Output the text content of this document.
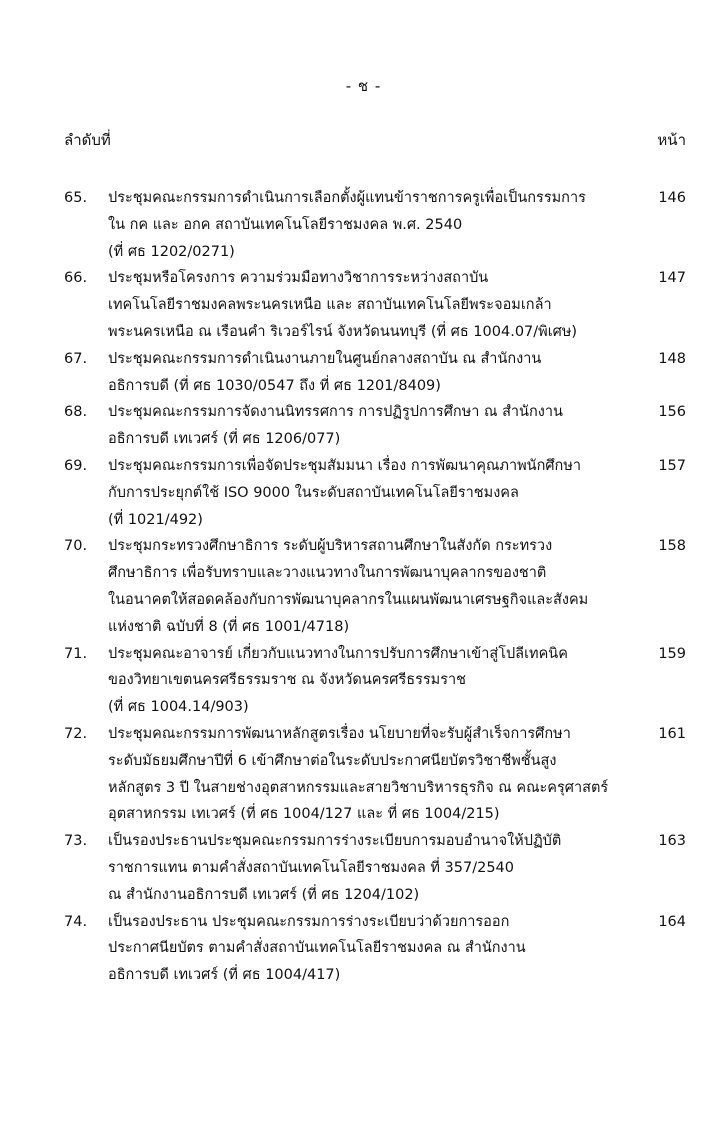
- ช -
ลำดับที่	หน้า
65. ประชุมคณะกรรมการดำเนินการเลือกตั้งผู้แทนข้าราชการครูเพื่อเป็นกรรมการ
ใน กค และ อกค สถาบันเทคโนโลยีราชมงคล พ.ศ. 2540
(ที่ ศธ 1202/0271)
146
66. ประชุมหรือโครงการ ความร่วมมือทางวิชาการระหว่างสถาบัน
เทคโนโลยีราชมงคลพระนครเหนือ และ สถาบันเทคโนโลยีพระจอมเกล้า
พระนครเหนือ ณ เรือนคำ ริเวอร์ไรน์ จังหวัดนนทบุรี (ที่ ศธ 1004.07/พิเศษ)
147
67. ประชุมคณะกรรมการดำเนินงานภายในศูนย์กลางสถาบัน ณ สำนักงาน
อธิการบดี (ที่ ศธ 1030/0547 ถึง ที่ ศธ 1201/8409)
148
68. ประชุมคณะกรรมการจัดงานนิทรรศการ การปฏิรูปการศึกษา ณ สำนักงาน
อธิการบดี เทเวศร์ (ที่ ศธ 1206/077)
156
69. ประชุมคณะกรรมการเพื่อจัดประชุมสัมมนา เรื่อง การพัฒนาคุณภาพนักศึกษา
กับการประยุกต์ใช้ ISO 9000 ในระดับสถาบันเทคโนโลยีราชมงคล
(ที่ 1021/492)
157
70. ประชุมกระทรวงศึกษาธิการ ระดับผู้บริหารสถานศึกษาในสังกัด กระทรวง
ศึกษาธิการ เพื่อรับทราบและวางแนวทางในการพัฒนาบุคลากรของชาติ
ในอนาคตให้สอดคล้องกับการพัฒนาบุคลากรในแผนพัฒนาเศรษฐกิจและสังคม
แห่งชาติ ฉบับที่ 8 (ที่ ศธ 1001/4718)
158
71. ประชุมคณะอาจารย์ เกี่ยวกับแนวทางในการปรับการศึกษาเข้าสู่โปลีเทคนิค
ของวิทยาเขตนครศรีธรรมราช ณ จังหวัดนครศรีธรรมราช
(ที่ ศธ 1004.14/903)
159
72. ประชุมคณะกรรมการพัฒนาหลักสูตรเรื่อง นโยบายที่จะรับผู้สำเร็จการศึกษา
ระดับมัธยมศึกษาปีที่ 6 เข้าศึกษาต่อในระดับประกาศนียบัตรวิชาชีพชั้นสูง
หลักสูตร 3 ปี ในสายช่างอุตสาหกรรมและสายวิชาบริหารธุรกิจ ณ คณะครุศาสตร์
อุตสาหกรรม เทเวศร์ (ที่ ศธ 1004/127 และ ที่ ศธ 1004/215)
161
73. เป็นรองประธานประชุมคณะกรรมการร่างระเบียบการมอบอำนาจให้ปฏิบัติ
ราชการแทน ตามคำสั่งสถาบันเทคโนโลยีราชมงคล ที่ 357/2540
ณ สำนักงานอธิการบดี เทเวศร์ (ที่ ศธ 1204/102)
163
74. เป็นรองประธาน ประชุมคณะกรรมการร่างระเบียบว่าด้วยการออก
ประกาศนียบัตร ตามคำสั่งสถาบันเทคโนโลยีราชมงคล ณ สำนักงาน
อธิการบดี เทเวศร์ (ที่ ศธ 1004/417)
164
